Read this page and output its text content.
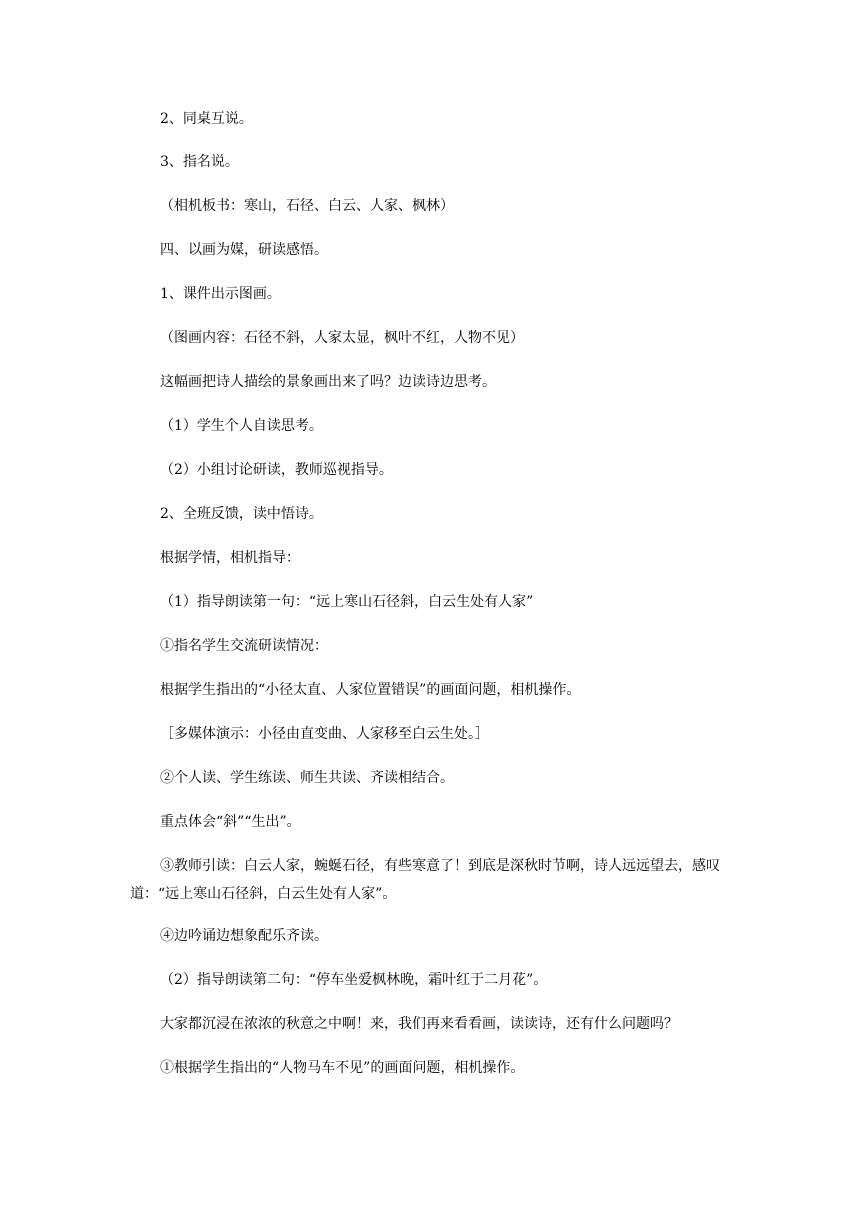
2、同桌互说。
3、指名说。
（相机板书：寒山，石径、白云、人家、枫林）
四、以画为媒，研读感悟。
1、课件出示图画。
（图画内容：石径不斜，人家太显，枫叶不红，人物不见）
这幅画把诗人描绘的景象画出来了吗？边读诗边思考。
（1）学生个人自读思考。
（2）小组讨论研读，教师巡视指导。
2、全班反馈，读中悟诗。
根据学情，相机指导：
（1）指导朗读第一句：“远上寒山石径斜，白云生处有人家”
①指名学生交流研读情况：
根据学生指出的“小径太直、人家位置错误”的画面问题，相机操作。
［多媒体演示：小径由直变曲、人家移至白云生处。］
②个人读、学生练读、师生共读、齐读相结合。
重点体会“斜”“生出”。
③教师引读：白云人家，蜿蜒石径，有些寒意了！到底是深秋时节啊，诗人远远望去，感叹道：“远上寒山石径斜，白云生处有人家”。
④边吟诵边想象配乐齐读。
（2）指导朗读第二句：“停车坐爱枫林晚，霜叶红于二月花”。
大家都沉浸在浓浓的秋意之中啊！来，我们再来看看画，读读诗，还有什么问题吗？
①根据学生指出的“人物马车不见”的画面问题，相机操作。
